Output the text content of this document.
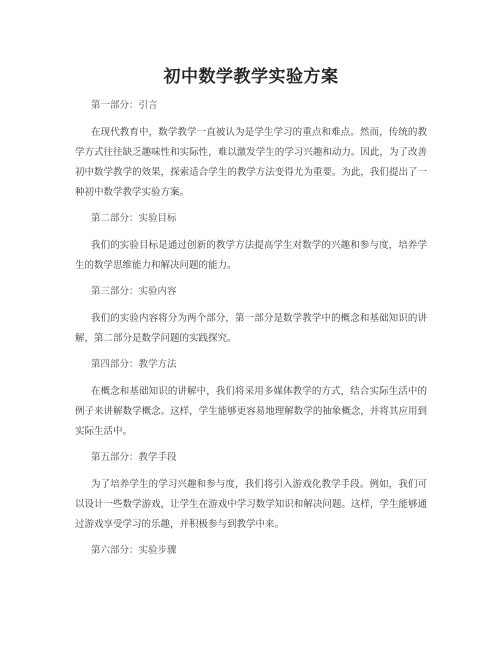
初中数学教学实验方案
第一部分：引言
在现代教育中，数学教学一直被认为是学生学习的重点和难点。然而，传统的教学方式往往缺乏趣味性和实际性，难以激发学生的学习兴趣和动力。因此，为了改善初中数学教学的效果，探索适合学生的教学方法变得尤为重要。为此，我们提出了一种初中数学教学实验方案。
第二部分：实验目标
我们的实验目标是通过创新的教学方法提高学生对数学的兴趣和参与度，培养学生的数学思维能力和解决问题的能力。
第三部分：实验内容
我们的实验内容将分为两个部分，第一部分是数学教学中的概念和基础知识的讲解，第二部分是数学问题的实践探究。
第四部分：教学方法
在概念和基础知识的讲解中，我们将采用多媒体教学的方式，结合实际生活中的例子来讲解数学概念。这样，学生能够更容易地理解数学的抽象概念，并将其应用到实际生活中。
第五部分：教学手段
为了培养学生的学习兴趣和参与度，我们将引入游戏化教学手段。例如，我们可以设计一些数学游戏，让学生在游戏中学习数学知识和解决问题。这样，学生能够通过游戏享受学习的乐趣，并积极参与到教学中来。
第六部分：实验步骤
